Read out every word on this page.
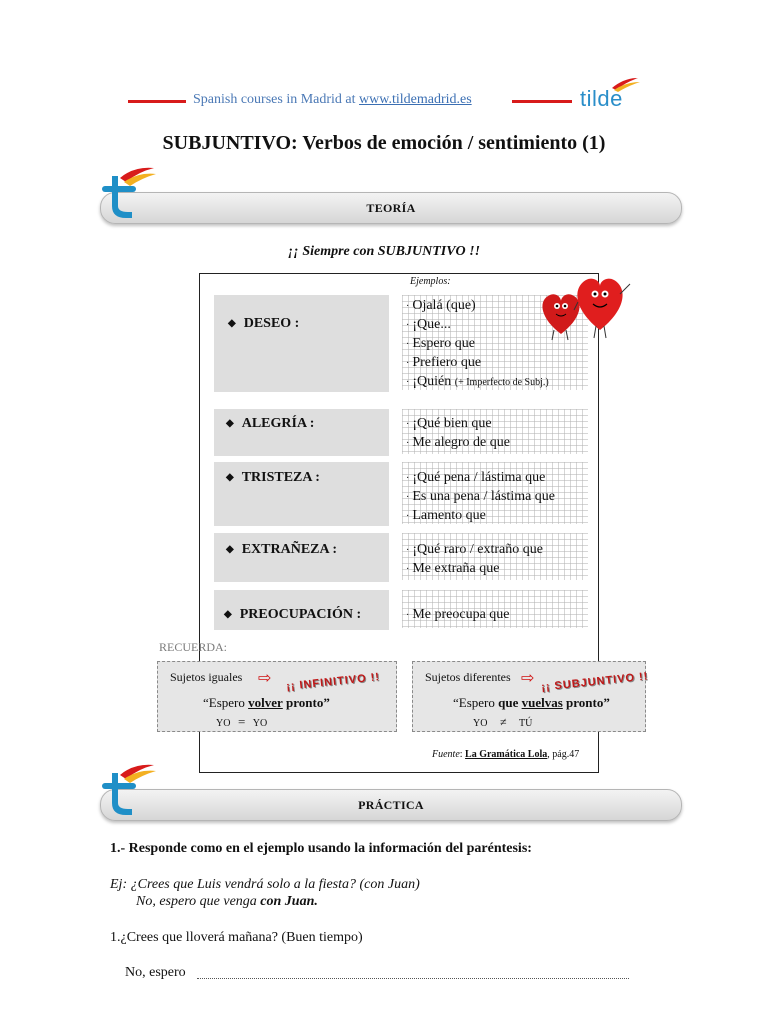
Spanish courses in Madrid at www.tildemadrid.es	tilde
SUBJUNTIVO: Verbos de emoción / sentimiento (1)
TEORÍA
¡¡ Siempre con SUBJUNTIVO !!
Ejemplos:
◆ DESEO :
· Ojalá (que)
· ¡Que...
· Espero que
· Prefiero que
· ¡Quién (+ Imperfecto de Subj.)
◆ ALEGRÍA :	· ¡Qué bien que
· Me alegro de que
◆ TRISTEZA :	· ¡Qué pena / lástima que
· Es una pena / lástima que
· Lamento que
◆ EXTRAÑEZA :	· ¡Qué raro / extraño que
· Me extraña que
◆ PREOCUPACIÓN :	· Me preocupa que
Fuente: La Gramática Lola, pág.47
RECUERDA:
Sujetos iguales ⇨ ¡¡ INFINITIVO !!
“Espero volver pronto”
YO = YO
Sujetos diferentes ⇨ ¡¡ SUBJUNTIVO !!
“Espero que vuelvas pronto”
YO ≠ TÚ
PRÁCTICA
1.- Responde como en el ejemplo usando la información del paréntesis:
Ej: ¿Crees que Luis vendrá solo a la fiesta? (con Juan)
No, espero que venga con Juan.
1.¿Crees que lloverá mañana? (Buen tiempo)
No, espero
